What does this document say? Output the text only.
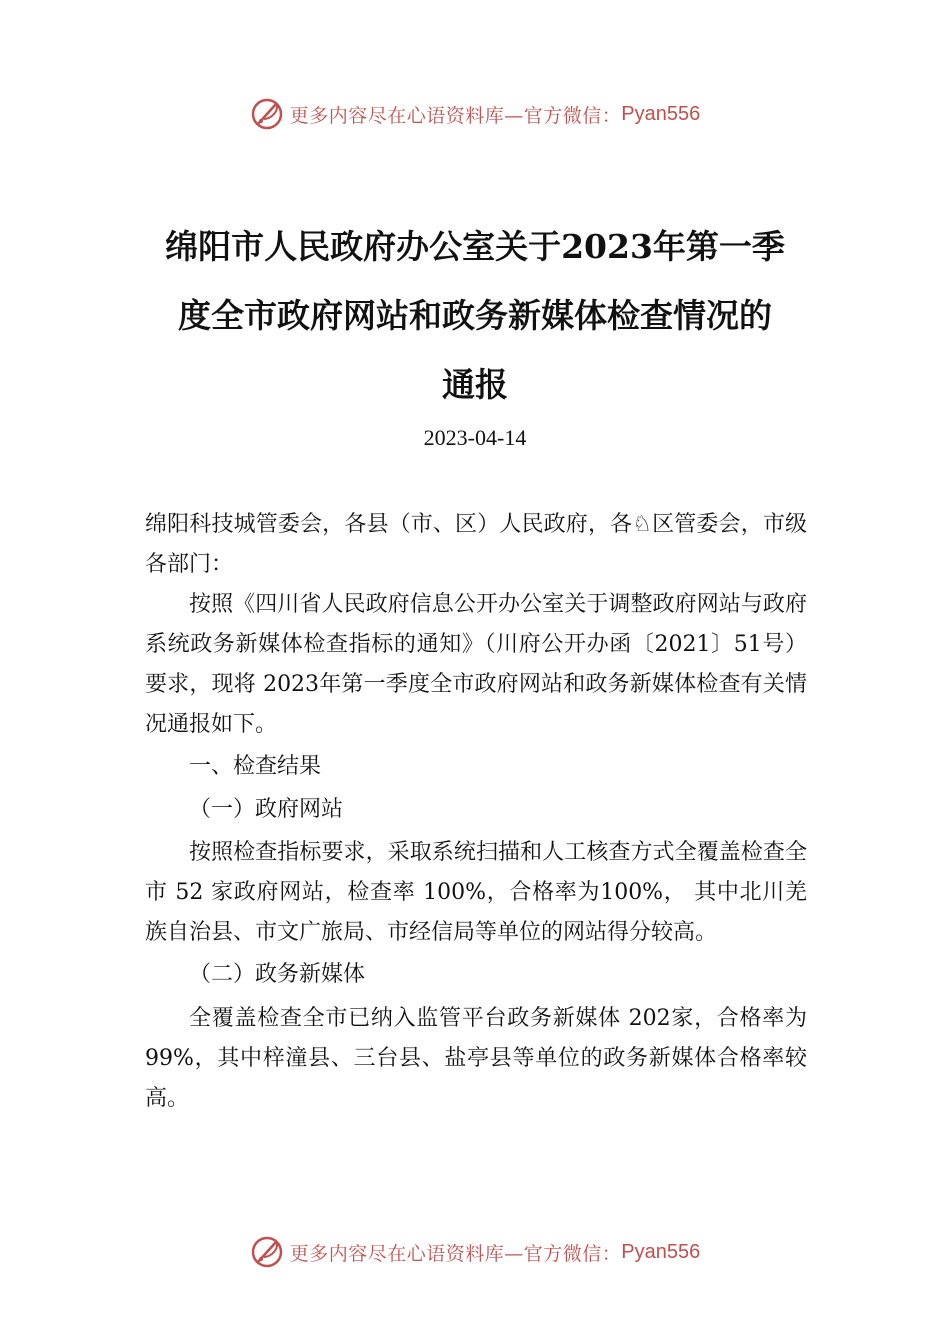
更多内容尽在心语资料库—官方微信： Pyan556
绵阳市人民政府办公室关于2023年第一季
度全市政府网站和政务新媒体检查情况的
通报
2023-04-14

绵阳科技城管委会，各县（市、区）人民政府，各♘区管委会，市级各部门：

按照《四川省人民政府信息公开办公室关于调整政府网站与政府系统政务新媒体检查指标的通知》（川府公开办函〔2021〕51号）要求，现将 2023年第一季度全市政府网站和政务新媒体检查有关情况通报如下。

一、检查结果

（一）政府网站

按照检查指标要求，采取系统扫描和人工核查方式全覆盖检查全市 52 家政府网站，检查率 100%，合格率为100%， 其中北川羌族自治县、市文广旅局、市经信局等单位的网站得分较高。

（二）政务新媒体

全覆盖检查全市已纳入监管平台政务新媒体 202家，合格率为 99%，其中梓潼县、三台县、盐亭县等单位的政务新媒体合格率较高。

更多内容尽在心语资料库—官方微信： Pyan556
